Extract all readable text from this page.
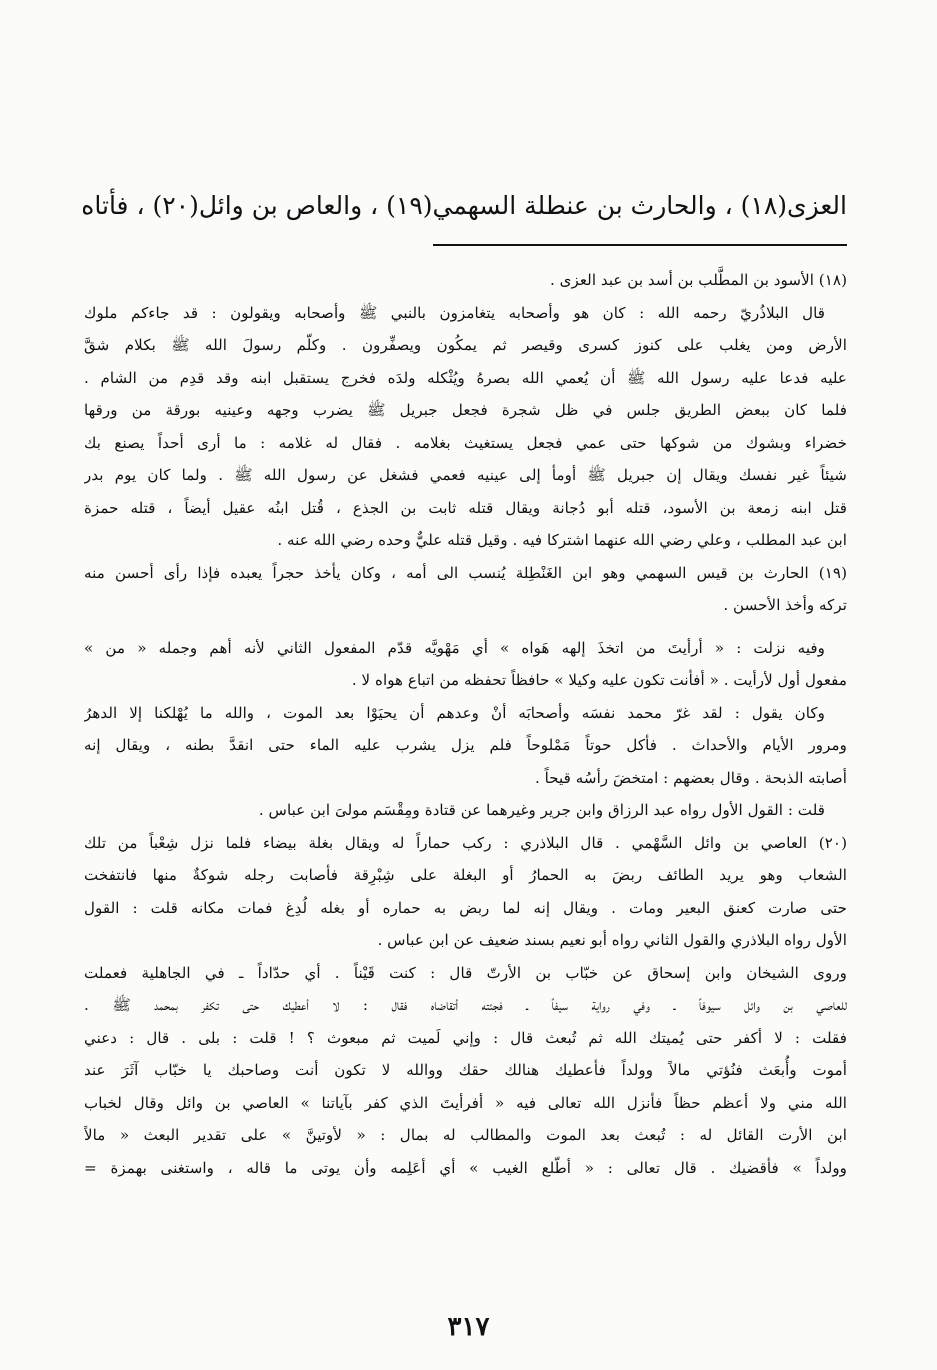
العزى(١٨) ، والحارث بن عنطلة السهمي(١٩) ، والعاص بن وائل(٢٠) ، فأتاه
(١٨) الأسود بن المطَّلب بن أسد بن عبد العزى .
قال البلاذُريّ رحمه الله : كان هو وأصحابه يتغامزون بالنبي ﷺ وأصحابه ويقولون : قد جاءكم ملوك
الأرض ومن يغلب على كنوز كسرى وقيصر ثم يمكُون ويصفِّرون . وكلّم رسولَ الله ﷺ بكلام شقَّ
عليه فدعا عليه رسول الله ﷺ أن يُعمي الله بصرهُ ويُثْكله ولدَه فخرج يستقبل ابنه وقد قدِم من الشام .
فلما كان ببعض الطريق جلس في ظل شجرة فجعل جبريل ﷺ يضرب وجهه وعينيه بورقة من ورقها
خضراء وبشوك من شوكها حتى عمي فجعل يستغيث بغلامه . فقال له غلامه : ما أرى أحداً يصنع بك
شيئاً غير نفسك ويقال إن جبريل ﷺ أومأ إلى عينيه فعمي فشغل عن رسول الله ﷺ . ولما كان يوم بدر
قتل ابنه زمعة بن الأسود، قتله أبو دُجانة ويقال قتله ثابت بن الجذع ، قُتل ابنُه عقيل أيضاً ، قتله حمزة
ابن عبد المطلب ، وعلي رضي الله عنهما اشتركا فيه . وقيل قتله عليٌّ وحده رضي الله عنه .
(١٩) الحارث بن قيس السهمي وهو ابن الغَنْطِلة يُنسب الى أمه ، وكان يأخذ حجراً يعبده فإذا رأى أحسن منه
تركه وأخذ الأحسن .
وفيه نزلت : « أرأيتَ من اتخذَ إلهه هَواه » أي مَهْويَّه قدّم المفعول الثاني لأنه أهم وجمله « من »
مفعول أول لأرأيت . « أفأنت تكون عليه وكيلا » حافظاً تحفظه من اتباع هواه لا .
وكان يقول : لقد غرّ محمد نفسَه وأصحابَه أنْ وعدهم أن يحيَوْا بعد الموت ، والله ما يُهْلكنا إلا الدهرُ
ومرور الأيام والأحداث . فأكل حوتاً مَمْلوحاً فلم يزل يشرب عليه الماء حتى انقدَّ بطنه ، ويقال إنه
أصابته الذبحة . وقال بعضهم : امتخضَ رأسُه قيحاً .
قلت : القول الأول رواه عبد الرزاق وابن جرير وغيرهما عن قتادة ومِقْسَم مولىَ ابن عباس .
(٢٠) العاصي بن وائل السَّهْمي . قال البلاذري : ركب حماراً له ويقال بغلة بيضاء فلما نزل شِعْباً من تلك
الشعاب وهو يريد الطائف ربضَ به الحمارُ أو البغلة على شِبْرِقة فأصابت رجله شوكةٌ منها فانتفخت
حتى صارت كعنق البعير ومات . ويقال إنه لما ربض به حماره أو بغله لُدِغ فمات مكانه قلت : القول
الأول رواه البلاذري والقول الثاني رواه أبو نعيم بسند ضعيف عن ابن عباس .
وروى الشيخان وابن إسحاق عن خبّاب بن الأرتّ قال : كنت قَيْناً . أي حدّاداً ـ في الجاهلية فعملت
للعاصي بن وائل سيوفاً ـ وفي رواية سيفاً ـ فجئته أتقاضاه فقال : لا أعطيك حتى تكفر بمحمد ﷺ .
فقلت : لا أكفر حتى يُميتك الله ثم تُبعث قال : وإني لَميت ثم مبعوث ؟ ! قلت : بلى . قال : دعني
أموت وأُبعَث فنُؤتي مالاً وولداً فأعطيك هنالك حقك ووالله لا تكون أنت وصاحبك يا خبّاب آثَرَ عند
الله مني ولا أعظم حظاً فأنزل الله تعالى فيه « أفرأيتَ الذي كفر بآياتنا » العاصي بن وائل وقال لخباب
ابن الأرت القائل له : تُبعث بعد الموت والمطالب له بمال : « لأوتينَّ » على تقدير البعث « مالاً
وولداً » فأقضيك . قال تعالى : « أطّلع الغيب » أي أعَلِمه وأن يوتى ما قاله ، واستغنى بهمزة =
٣١٧
